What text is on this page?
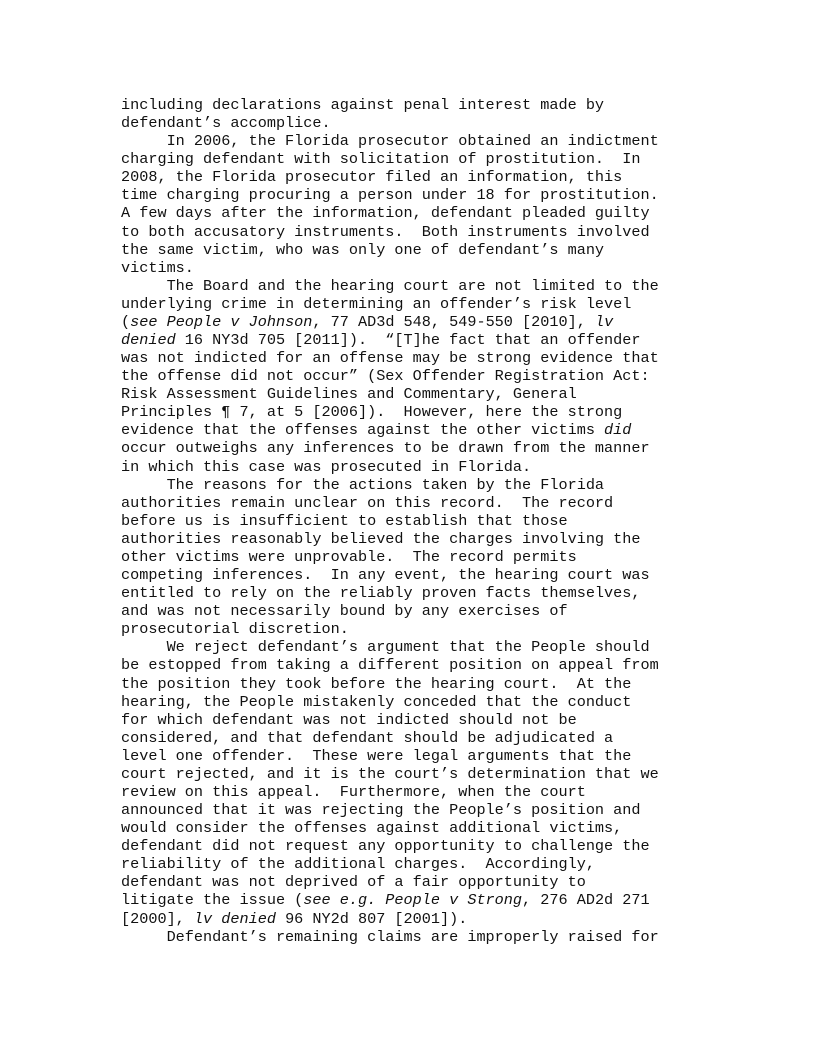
including declarations against penal interest made by
defendant’s accomplice.
In 2006, the Florida prosecutor obtained an indictment
charging defendant with solicitation of prostitution.  In
2008, the Florida prosecutor filed an information, this
time charging procuring a person under 18 for prostitution.
A few days after the information, defendant pleaded guilty
to both accusatory instruments.  Both instruments involved
the same victim, who was only one of defendant’s many
victims.
The Board and the hearing court are not limited to the
underlying crime in determining an offender’s risk level
(see People v Johnson, 77 AD3d 548, 549-550 [2010], lv
denied 16 NY3d 705 [2011]).  “[T]he fact that an offender
was not indicted for an offense may be strong evidence that
the offense did not occur” (Sex Offender Registration Act:
Risk Assessment Guidelines and Commentary, General
Principles ¶ 7, at 5 [2006]).  However, here the strong
evidence that the offenses against the other victims did
occur outweighs any inferences to be drawn from the manner
in which this case was prosecuted in Florida.
The reasons for the actions taken by the Florida
authorities remain unclear on this record.  The record
before us is insufficient to establish that those
authorities reasonably believed the charges involving the
other victims were unprovable.  The record permits
competing inferences.  In any event, the hearing court was
entitled to rely on the reliably proven facts themselves,
and was not necessarily bound by any exercises of
prosecutorial discretion.
We reject defendant’s argument that the People should
be estopped from taking a different position on appeal from
the position they took before the hearing court.  At the
hearing, the People mistakenly conceded that the conduct
for which defendant was not indicted should not be
considered, and that defendant should be adjudicated a
level one offender.  These were legal arguments that the
court rejected, and it is the court’s determination that we
review on this appeal.  Furthermore, when the court
announced that it was rejecting the People’s position and
would consider the offenses against additional victims,
defendant did not request any opportunity to challenge the
reliability of the additional charges.  Accordingly,
defendant was not deprived of a fair opportunity to
litigate the issue (see e.g. People v Strong, 276 AD2d 271
[2000], lv denied 96 NY2d 807 [2001]).
Defendant’s remaining claims are improperly raised for
